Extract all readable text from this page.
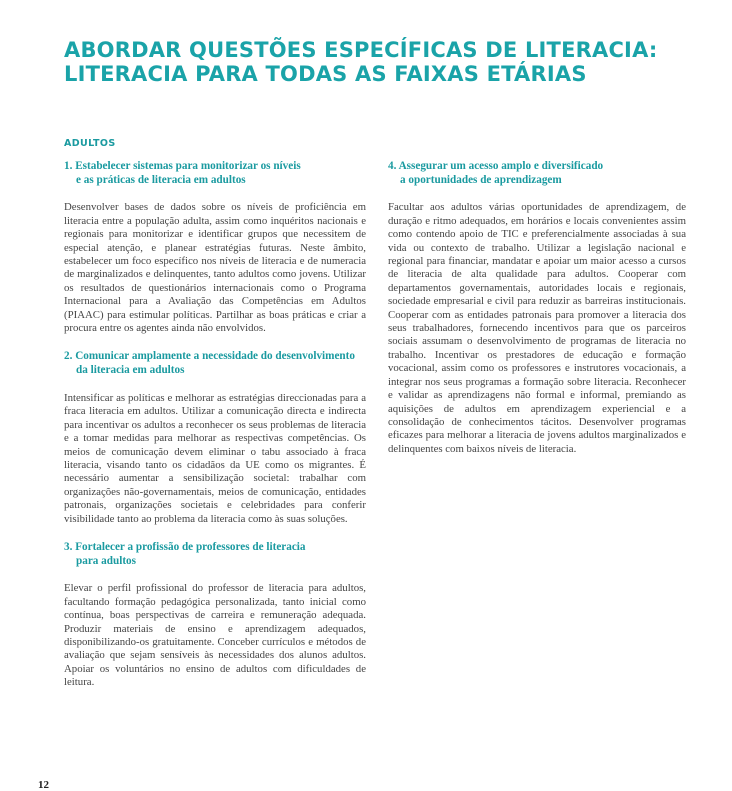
ABORDAR QUESTÕES ESPECÍFICAS DE LITERACIA:
LITERACIA PARA TODAS AS FAIXAS ETÁRIAS

ADULTOS

1. Estabelecer sistemas para monitorizar os níveis
e as práticas de literacia em adultos

Desenvolver bases de dados sobre os níveis de proficiência em literacia entre a população adulta, assim como inquéritos nacionais e regionais para monitorizar e identificar grupos que necessitem de especial atenção, e planear estratégias futuras. Neste âmbito, estabelecer um foco específico nos níveis de literacia e de numeracia de marginalizados e delinquentes, tanto adultos como jovens. Utilizar os resultados de questionários internacionais como o Programa Internacional para a Avaliação das Competências em Adultos (PIAAC) para estimular políticas. Partilhar as boas práticas e criar a procura entre os agentes ainda não envolvidos.

2. Comunicar amplamente a necessidade do desenvolvimento
da literacia em adultos

Intensificar as políticas e melhorar as estratégias direccionadas para a fraca literacia em adultos. Utilizar a comunicação directa e indirecta para incentivar os adultos a reconhecer os seus problemas de literacia e a tomar medidas para melhorar as respectivas competências. Os meios de comunicação devem eliminar o tabu associado à fraca literacia, visando tanto os cidadãos da UE como os migrantes. É necessário aumentar a sensibilização societal: trabalhar com organizações não-governamentais, meios de comunicação, entidades patronais, organizações societais e celebridades para conferir visibilidade tanto ao problema da literacia como às suas soluções.

3. Fortalecer a profissão de professores de literacia
para adultos

Elevar o perfil profissional do professor de literacia para adultos, facultando formação pedagógica personalizada, tanto inicial como contínua, boas perspectivas de carreira e remuneração adequada. Produzir materiais de ensino e aprendizagem adequados, disponibilizando-os gratuitamente. Conceber currículos e métodos de avaliação que sejam sensíveis às necessidades dos alunos adultos. Apoiar os voluntários no ensino de adultos com dificuldades de leitura.

4. Assegurar um acesso amplo e diversificado
a oportunidades de aprendizagem

Facultar aos adultos várias oportunidades de aprendizagem, de duração e ritmo adequados, em horários e locais convenientes assim como contendo apoio de TIC e preferencialmente associadas à sua vida ou contexto de trabalho. Utilizar a legislação nacional e regional para financiar, mandatar e apoiar um maior acesso a cursos de literacia de alta qualidade para adultos. Cooperar com departamentos governamentais, autoridades locais e regionais, sociedade empresarial e civil para reduzir as barreiras institucionais. Cooperar com as entidades patronais para promover a literacia dos seus trabalhadores, fornecendo incentivos para que os parceiros sociais assumam o desenvolvimento de programas de literacia no trabalho. Incentivar os prestadores de educação e formação vocacional, assim como os professores e instrutores vocacionais, a integrar nos seus programas a formação sobre literacia. Reconhecer e validar as aprendizagens não formal e informal, premiando as aquisições de adultos em aprendizagem experiencial e a consolidação de conhecimentos tácitos. Desenvolver programas eficazes para melhorar a literacia de jovens adultos marginalizados e delinquentes com baixos níveis de literacia.

12
